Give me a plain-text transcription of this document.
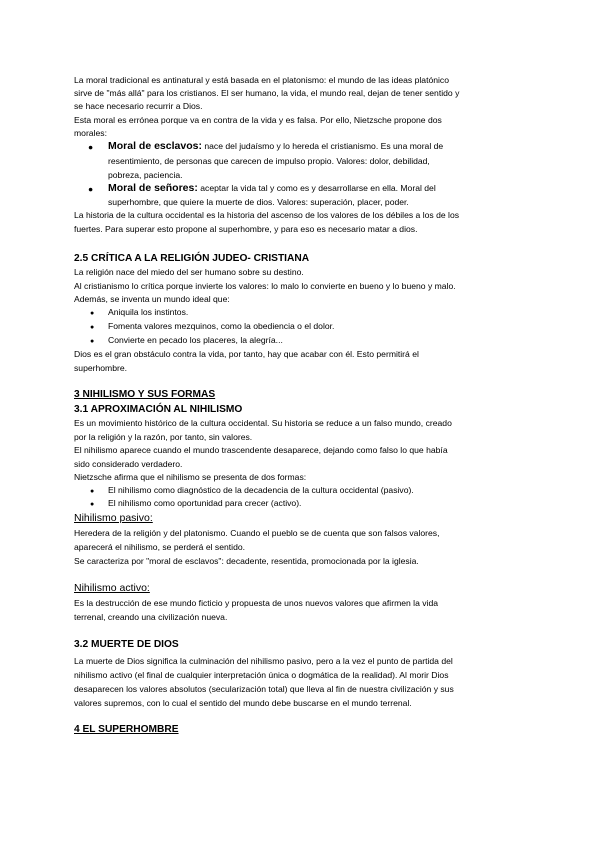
La moral tradicional es antinatural y está basada en el platonismo: el mundo de las ideas platónico
sirve de "más allá" para los cristianos. El ser humano, la vida, el mundo real, dejan de tener sentido y
se hace necesario recurrir a Dios.
Esta moral es errónea porque va en contra de la vida y es falsa. Por ello, Nietzsche propone dos
morales:
●	Moral de esclavos: nace del judaísmo y lo hereda el cristianismo. Es una moral de
resentimiento, de personas que carecen de impulso propio. Valores: dolor, debilidad,
pobreza, paciencia.
●	Moral de señores: aceptar la vida tal y como es y desarrollarse en ella. Moral del
superhombre, que quiere la muerte de dios. Valores: superación, placer, poder.
La historia de la cultura occidental es la historia del ascenso de los valores de los débiles a los de los
fuertes. Para superar esto propone al superhombre, y para eso es necesario matar a dios.
2.5 CRÍTICA A LA RELIGIÓN JUDEO- CRISTIANA
La religión nace del miedo del ser humano sobre su destino.
Al cristianismo lo crítica porque invierte los valores: lo malo lo convierte en bueno y lo bueno y malo.
Además, se inventa un mundo ideal que:
●	Aniquila los instintos.
●	Fomenta valores mezquinos, como la obediencia o el dolor.
●	Convierte en pecado los placeres, la alegría...
Dios es el gran obstáculo contra la vida, por tanto, hay que acabar con él. Esto permitirá el
superhombre.
3 NIHILISMO Y SUS FORMAS
3.1 APROXIMACIÓN AL NIHILISMO
Es un movimiento histórico de la cultura occidental. Su historia se reduce a un falso mundo, creado
por la religión y la razón, por tanto, sin valores.
El nihilismo aparece cuando el mundo trascendente desaparece, dejando como falso lo que había
sido considerado verdadero.
Nietzsche afirma que el nihilismo se presenta de dos formas:
●	El nihilismo como diagnóstico de la decadencia de la cultura occidental (pasivo).
●	El nihilismo como oportunidad para crecer (activo).
Nihilismo pasivo:
Heredera de la religión y del platonismo. Cuando el pueblo se de cuenta que son falsos valores,
aparecerá el nihilismo, se perderá el sentido.
Se caracteriza por "moral de esclavos": decadente, resentida, promocionada por la iglesia.
Nihilismo activo:
Es la destrucción de ese mundo ficticio y propuesta de unos nuevos valores que afirmen la vida
terrenal, creando una civilización nueva.
3.2 MUERTE DE DIOS
La muerte de Dios significa la culminación del nihilismo pasivo, pero a la vez el punto de partida del
nihilismo activo (el final de cualquier interpretación única o dogmática de la realidad). Al morir Dios
desaparecen los valores absolutos (secularización total) que lleva al fin de nuestra civilización y sus
valores supremos, con lo cual el sentido del mundo debe buscarse en el mundo terrenal.
4 EL SUPERHOMBRE
